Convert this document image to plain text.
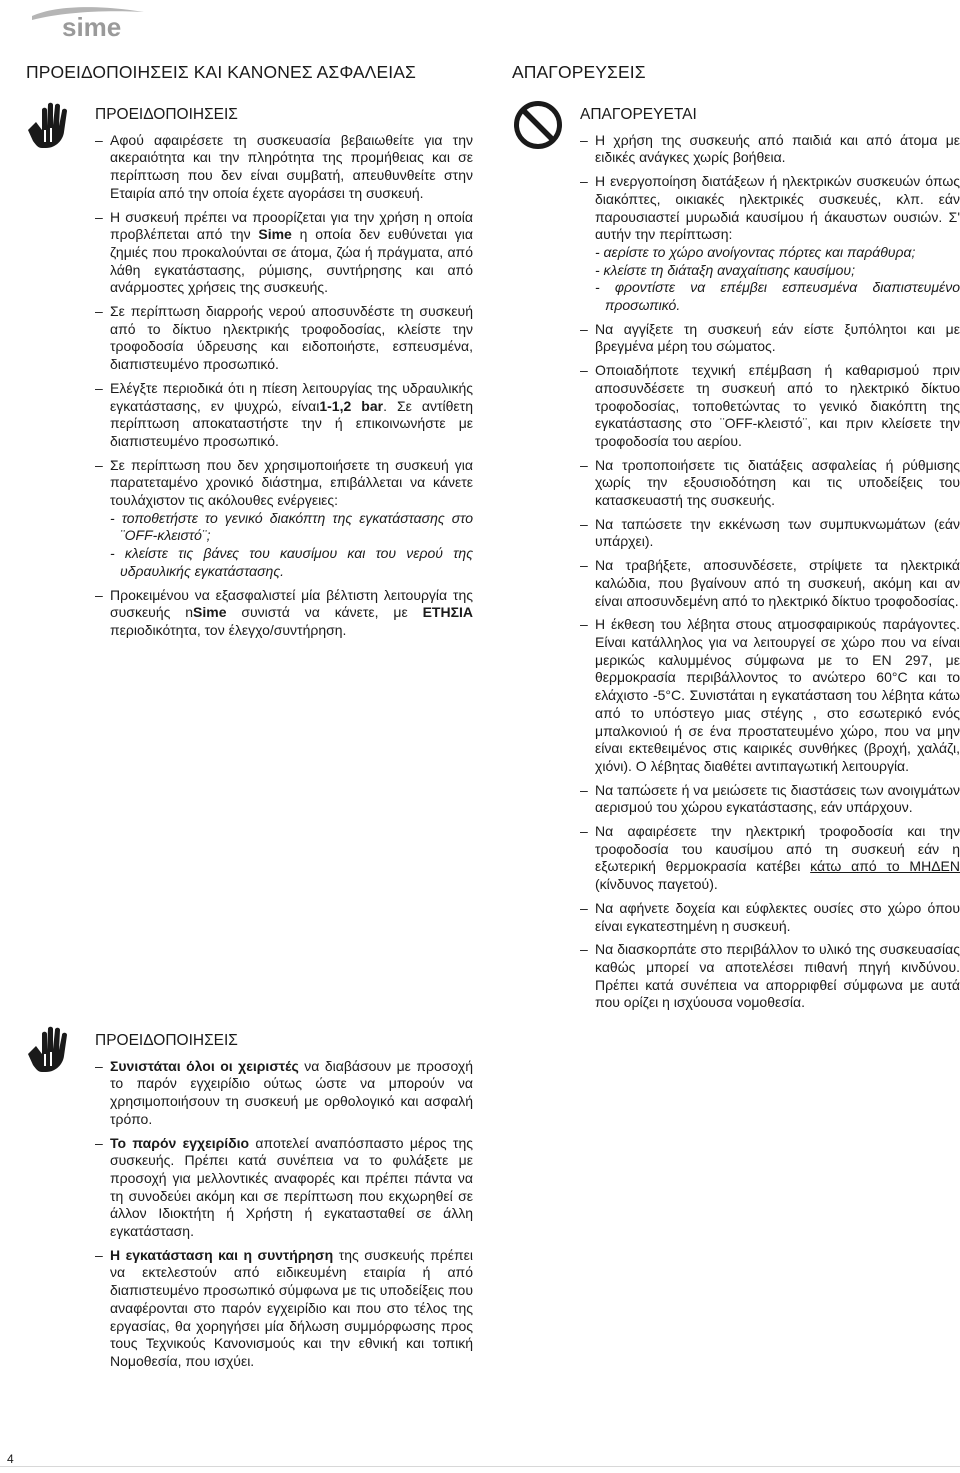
sime
ΠΡΟΕΙΔΟΠΟΙΗΣΕΙΣ ΚΑΙ ΚΑΝΟΝΕΣ ΑΣΦΑΛΕΙΑΣ	ΑΠΑΓΟΡΕΥΣΕΙΣ
ΠΡΟΕΙΔΟΠΟΙΗΣΕΙΣ
– Αφού αφαιρέσετε τη συσκευασία βεβαιωθείτε για την ακεραιότητα και την πληρότητα της προμήθειας και σε περίπτωση που δεν είναι συμβατή, απευθυνθείτε στην Εταιρία από την οποία έχετε αγοράσει τη συσκευή.
– Η συσκευή πρέπει να προορίζεται για την χρήση η οποία προβλέπεται από την Sime η οποία δεν ευθύνεται για ζημιές που προκαλούνται σε άτομα, ζώα ή πράγματα, από λάθη εγκατάστασης, ρύμισης, συντήρησης και από ανάρμοστες χρήσεις της συσκευής.
– Σε περίπτωση διαρροής νερού αποσυνδέστε τη συσκευή από το δίκτυο ηλεκτρικής τροφοδοσίας, κλείστε την τροφοδοσία ύδρευσης και ειδοποιήστε, εσπευσμένα, διαπιστευμένο προσωπικό.
– Ελέγξτε περιοδικά ότι η πίεση λειτουργίας της υδραυλικής εγκατάστασης, εν ψυχρώ, είναι1-1,2 bar. Σε αντίθετη περίπτωση αποκαταστήστε την ή επικοινωνήστε με διαπιστευμένο προσωπικό.
– Σε περίπτωση που δεν χρησιμοποιήσετε τη συσκευή για παρατεταμένο χρονικό διάστημα, επιβάλλεται να κάνετε τουλάχιστον τις ακόλουθες ενέργειες:
- τοποθετήστε το γενικό διακόπτη της εγκατάστασης στο ¨OFF-κλειστό¨;
- κλείστε τις βάνες του καυσίμου και του νερού της υδραυλικής εγκατάστασης.
– Προκειμένου να εξασφαλιστεί μία βέλτιστη λειτουργία της συσκευής nSime συνιστά να κάνετε, με ΕΤΗΣΙΑ περιοδικότητα, τον έλεγχο/συντήρηση.
ΠΡΟΕΙΔΟΠΟΙΗΣΕΙΣ
– Συνιστάται όλοι οι χειριστές να διαβάσουν με προσοχή το παρόν εγχειρίδιο ούτως ώστε να μπορούν να χρησιμοποιήσουν τη συσκευή με ορθολογικό και ασφαλή τρόπο.
– Το παρόν εγχειρίδιο αποτελεί αναπόσπαστο μέρος της συσκευής. Πρέπει κατά συνέπεια να το φυλάξετε με προσοχή για μελλοντικές αναφορές και πρέπει πάντα να τη συνοδεύει ακόμη και σε περίπτωση που εκχωρηθεί σε άλλον Ιδιοκτήτη ή Χρήστη ή εγκατασταθεί σε άλλη εγκατάσταση.
– Η εγκατάσταση και η συντήρηση της συσκευής πρέπει να εκτελεστούν από ειδικευμένη εταιρία ή από διαπιστευμένο προσωπικό σύμφωνα με τις υποδείξεις που αναφέρονται στο παρόν εγχειρίδιο και που στο τέλος της εργασίας, θα χορηγήσει μία δήλωση συμμόρφωσης προς τους Τεχνικούς Κανονισμούς και την εθνική και τοπική Νομοθεσία, που ισχύει.
ΑΠΑΓΟΡΕΥΕΤΑΙ
– Η χρήση της συσκευής από παιδιά και από άτομα με ειδικές ανάγκες χωρίς βοήθεια.
– Η ενεργοποίηση διατάξεων ή ηλεκτρικών συσκευών όπως διακόπτες, οικιακές ηλεκτρικές συσκευές, κλπ. εάν παρουσιαστεί μυρωδιά καυσίμου ή άκαυστων ουσιών. Σ' αυτήν την περίπτωση:
- αερίστε το χώρο ανοίγοντας πόρτες και παράθυρα;
- κλείστε τη διάταξη αναχαίτισης καυσίμου;
- φροντίστε να επέμβει εσπευσμένα διαπιστευμένο προσωπικό.
– Να αγγίξετε τη συσκευή εάν είστε ξυπόλητοι και με βρεγμένα μέρη του σώματος.
– Οποιαδήποτε τεχνική επέμβαση ή καθαρισμού πριν αποσυνδέσετε τη συσκευή από το ηλεκτρικό δίκτυο τροφοδοσίας, τοποθετώντας το γενικό διακόπτη της εγκατάστασης στο ¨OFF-κλειστό¨, και πριν κλείσετε την τροφοδοσία του αερίου.
– Να τροποποιήσετε τις διατάξεις ασφαλείας ή ρύθμισης χωρίς την εξουσιοδότηση και τις υποδείξεις του κατασκευαστή της συσκευής.
– Να ταπώσετε την εκκένωση των συμπυκνωμάτων (εάν υπάρχει).
– Να τραβήξετε, αποσυνδέσετε, στρίψετε τα ηλεκτρικά καλώδια, που βγαίνουν από τη συσκευή, ακόμη και αν είναι αποσυνδεμένη από το ηλεκτρικό δίκτυο τροφοδοσίας.
– Η έκθεση του λέβητα στους ατμοσφαιρικούς παράγοντες. Είναι κατάλληλος για να λειτουργεί σε χώρο που να είναι μερικώς καλυμμένος σύμφωνα με το EN 297, με θερμοκρασία περιβάλλοντος το ανώτερο 60°C και το ελάχιστο -5°C. Συνιστάται η εγκατάσταση του λέβητα κάτω από το υπόστεγο μιας στέγης , στο εσωτερικό ενός μπαλκονιού ή σε ένα προστατευμένο χώρο, που να μην είναι εκτεθειμένος στις καιρικές συνθήκες (βροχή, χαλάζι, χιόνι). Ο λέβητας διαθέτει αντιπαγωτική λειτουργία.
– Να ταπώσετε ή να μειώσετε τις διαστάσεις των ανοιγμάτων αερισμού του χώρου εγκατάστασης, εάν υπάρχουν.
– Να αφαιρέσετε την ηλεκτρική τροφοδοσία και την τροφοδοσία του καυσίμου από τη συσκευή εάν η εξωτερική θερμοκρασία κατέβει κάτω από το ΜΗΔΕΝ (κίνδυνος παγετού).
– Να αφήνετε δοχεία και εύφλεκτες ουσίες στο χώρο όπου είναι εγκατεστημένη η συσκευή.
– Να διασκορπάτε στο περιβάλλον το υλικό της συσκευασίας καθώς μπορεί να αποτελέσει πιθανή πηγή κινδύνου. Πρέπει κατά συνέπεια να απορριφθεί σύμφωνα με αυτά που ορίζει η ισχύουσα νομοθεσία.
4
